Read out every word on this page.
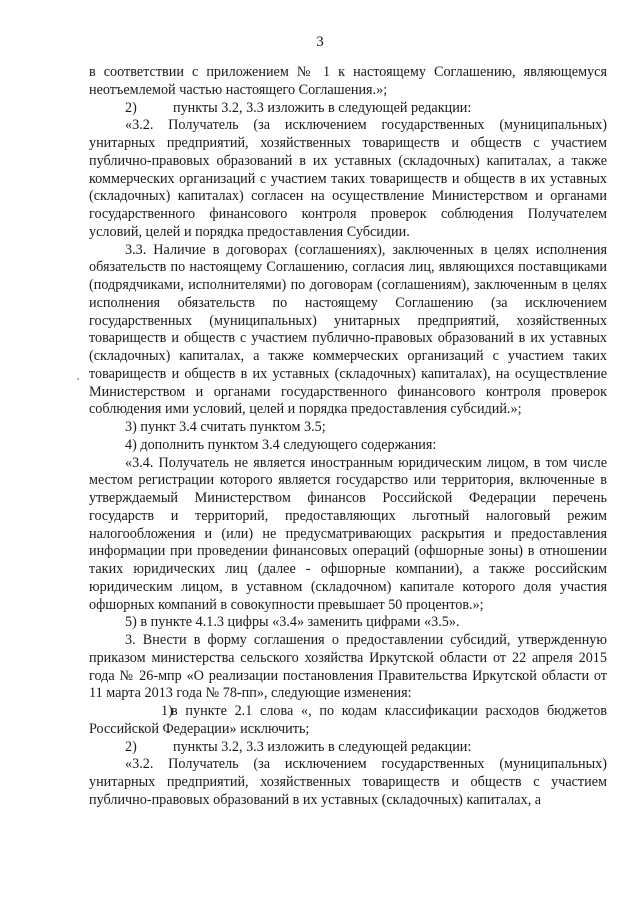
3

в соответствии с приложением № 1 к настоящему Соглашению, являющемуся неотъемлемой частью настоящего Соглашения.»;

2)	пункты 3.2, 3.3 изложить в следующей редакции:

«3.2. Получатель (за исключением государственных (муниципальных) унитарных предприятий, хозяйственных товариществ и обществ с участием публично-правовых образований в их уставных (складочных) капиталах, а также коммерческих организаций с участием таких товариществ и обществ в их уставных (складочных) капиталах) согласен на осуществление Министерством и органами государственного финансового контроля проверок соблюдения Получателем условий, целей и порядка предоставления Субсидии.

3.3. Наличие в договорах (соглашениях), заключенных в целях исполнения обязательств по настоящему Соглашению, согласия лиц, являющихся поставщиками (подрядчиками, исполнителями) по договорам (соглашениям), заключенным в целях исполнения обязательств по настоящему Соглашению (за исключением государственных (муниципальных) унитарных предприятий, хозяйственных товариществ и обществ с участием публично-правовых образований в их уставных (складочных) капиталах, а также коммерческих организаций с участием таких товариществ и обществ в их уставных (складочных) капиталах), на осуществление Министерством и органами государственного финансового контроля проверок соблюдения ими условий, целей и порядка предоставления субсидий.»;

3) пункт 3.4 считать пунктом 3.5;

4) дополнить пунктом 3.4 следующего содержания:

«3.4. Получатель не является иностранным юридическим лицом, в том числе местом регистрации которого является государство или территория, включенные в утверждаемый Министерством финансов Российской Федерации перечень государств и территорий, предоставляющих льготный налоговый режим налогообложения и (или) не предусматривающих раскрытия и предоставления информации при проведении финансовых операций (офшорные зоны) в отношении таких юридических лиц (далее - офшорные компании), а также российским юридическим лицом, в уставном (складочном) капитале которого доля участия офшорных компаний в совокупности превышает 50 процентов.»;

5) в пункте 4.1.3 цифры «3.4» заменить цифрами «3.5».

3. Внести в форму соглашения о предоставлении субсидий, утвержденную приказом министерства сельского хозяйства Иркутской области от 22 апреля 2015 года № 26-мпр «О реализации постановления Правительства Иркутской области от 11 марта 2013 года № 78-пп», следующие изменения:

1)в пункте 2.1 слова «, по кодам классификации расходов бюджетов Российской Федерации» исключить;

2)	пункты 3.2, 3.3 изложить в следующей редакции:

«3.2. Получатель (за исключением государственных (муниципальных) унитарных предприятий, хозяйственных товариществ и обществ с участием публично-правовых образований в их уставных (складочных) капиталах, а
